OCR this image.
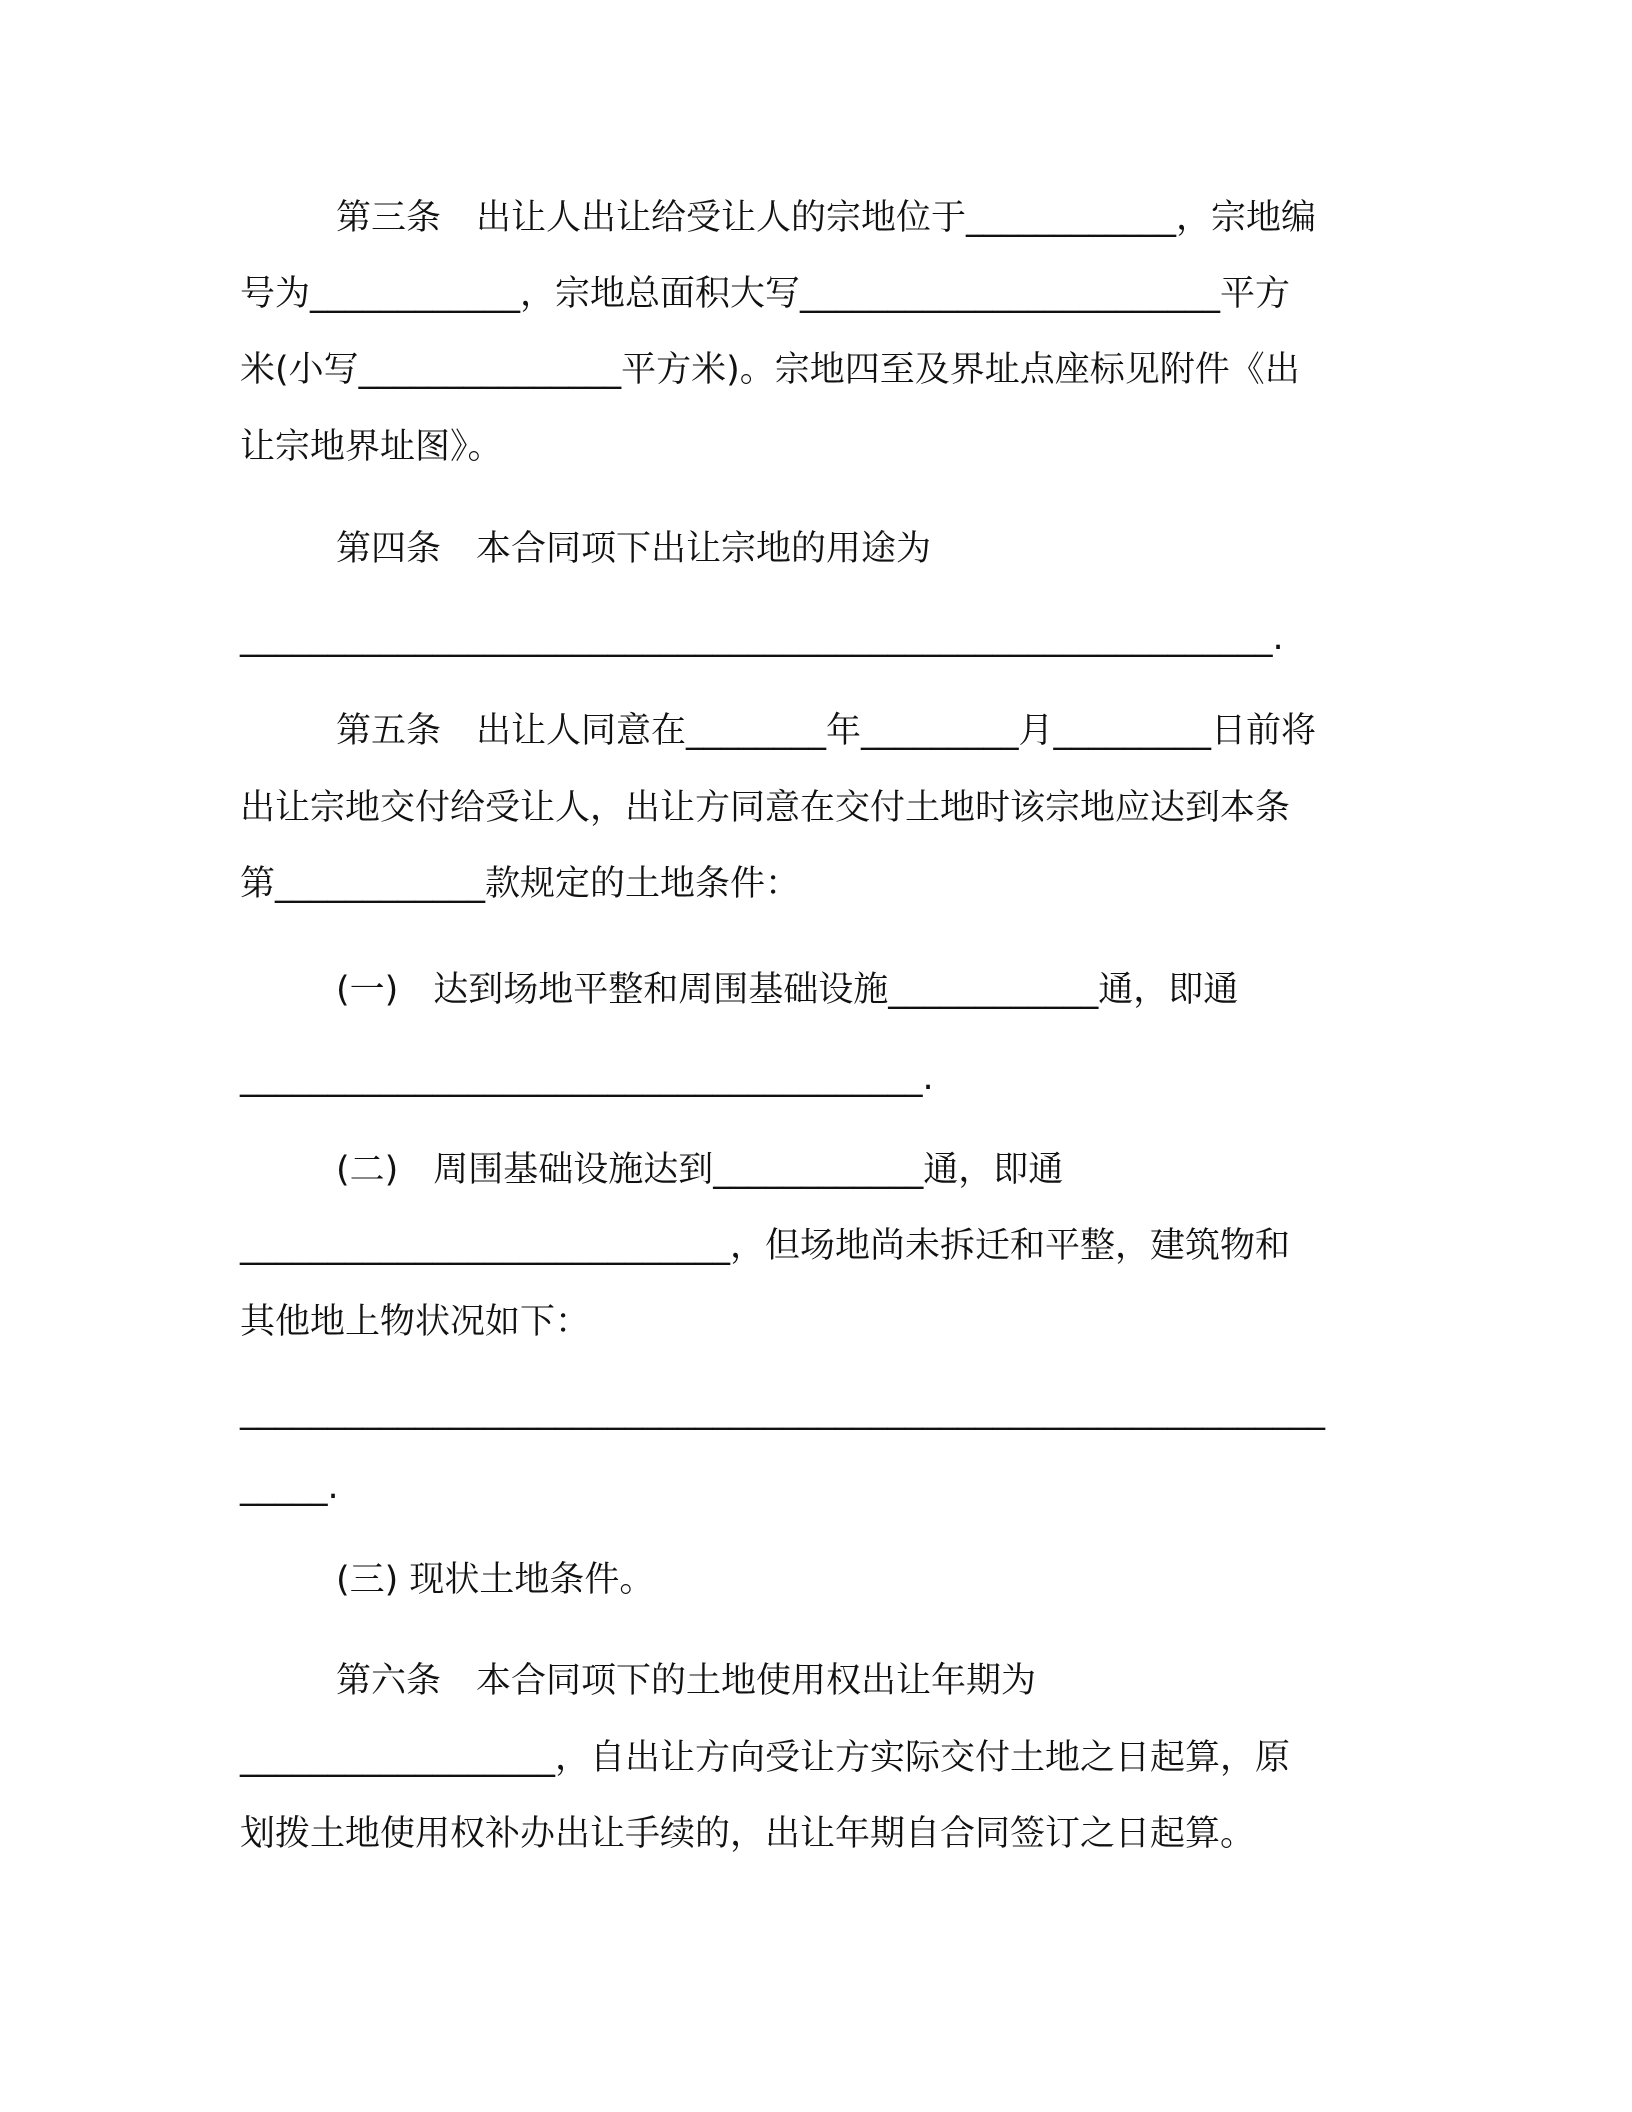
第三条　出让人出让给受让人的宗地位于____________，宗地编
号为____________，宗地总面积大写________________________平方
米(小写_______________平方米)。宗地四至及界址点座标见附件《出
让宗地界址图》。
第四条　本合同项下出让宗地的用途为
___________________________________________________________.
第五条　出让人同意在________年_________月_________日前将
出让宗地交付给受让人，出让方同意在交付土地时该宗地应达到本条
第____________款规定的土地条件：
(一)　达到场地平整和周围基础设施____________通，即通
_______________________________________.
(二)　周围基础设施达到____________通，即通
____________________________，但场地尚未拆迁和平整，建筑物和
其他地上物状况如下：
______________________________________________________________
_____.
(三) 现状土地条件。
第六条　本合同项下的土地使用权出让年期为
__________________，自出让方向受让方实际交付土地之日起算，原
划拨土地使用权补办出让手续的，出让年期自合同签订之日起算。
